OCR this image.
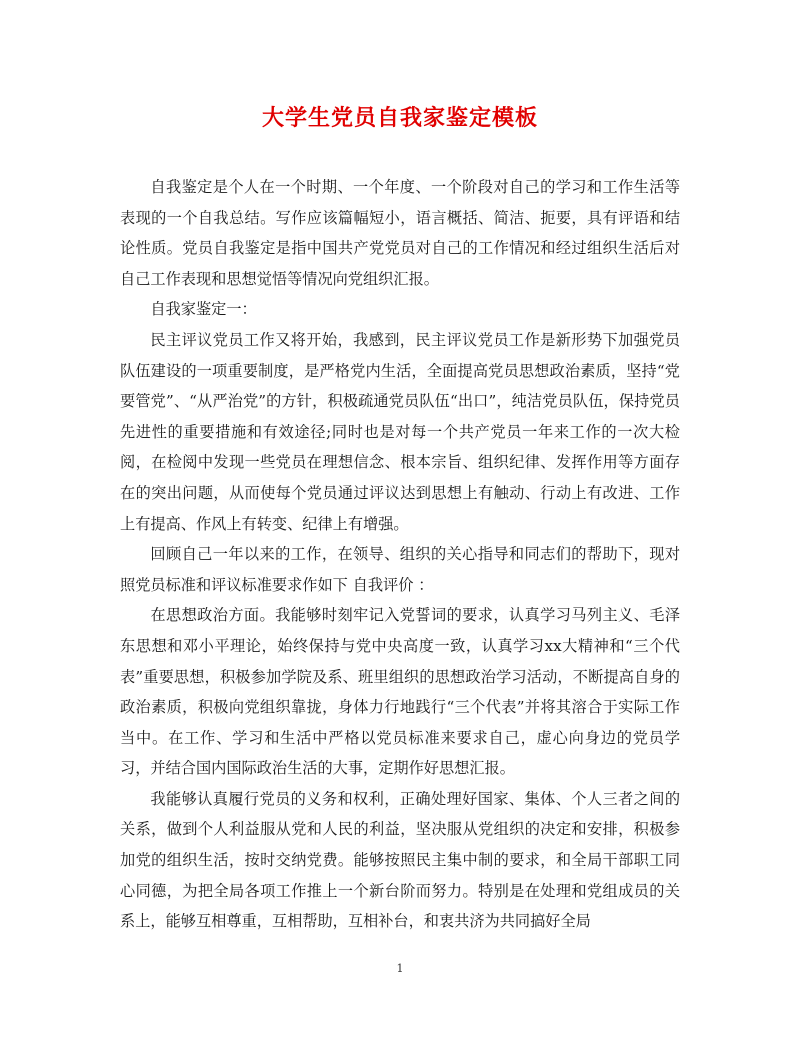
大学生党员自我家鉴定模板

自我鉴定是个人在一个时期、一个年度、一个阶段对自己的学习和工作生活等表现的一个自我总结。写作应该篇幅短小，语言概括、简洁、扼要，具有评语和结论性质。党员自我鉴定是指中国共产党党员对自己的工作情况和经过组织生活后对自己工作表现和思想觉悟等情况向党组织汇报。

自我家鉴定一：

民主评议党员工作又将开始，我感到，民主评议党员工作是新形势下加强党员队伍建设的一项重要制度，是严格党内生活，全面提高党员思想政治素质，坚持“党要管党”、“从严治党”的方针，积极疏通党员队伍“出口”，纯洁党员队伍，保持党员先进性的重要措施和有效途径;同时也是对每一个共产党员一年来工作的一次大检阅，在检阅中发现一些党员在理想信念、根本宗旨、组织纪律、发挥作用等方面存在的突出问题，从而使每个党员通过评议达到思想上有触动、行动上有改进、工作上有提高、作风上有转变、纪律上有增强。

回顾自己一年以来的工作，在领导、组织的关心指导和同志们的帮助下，现对照党员标准和评议标准要求作如下 自我评价 ：

在思想政治方面。我能够时刻牢记入党誓词的要求，认真学习马列主义、毛泽东思想和邓小平理论，始终保持与党中央高度一致，认真学习xx大精神和“三个代表”重要思想，积极参加学院及系、班里组织的思想政治学习活动，不断提高自身的政治素质，积极向党组织靠拢，身体力行地践行“三个代表”并将其溶合于实际工作当中。在工作、学习和生活中严格以党员标准来要求自己，虚心向身边的党员学习，并结合国内国际政治生活的大事，定期作好思想汇报。

我能够认真履行党员的义务和权利，正确处理好国家、集体、个人三者之间的关系，做到个人利益服从党和人民的利益，坚决服从党组织的决定和安排，积极参加党的组织生活，按时交纳党费。能够按照民主集中制的要求，和全局干部职工同心同德，为把全局各项工作推上一个新台阶而努力。特别是在处理和党组成员的关系上，能够互相尊重，互相帮助，互相补台，和衷共济为共同搞好全局

1
